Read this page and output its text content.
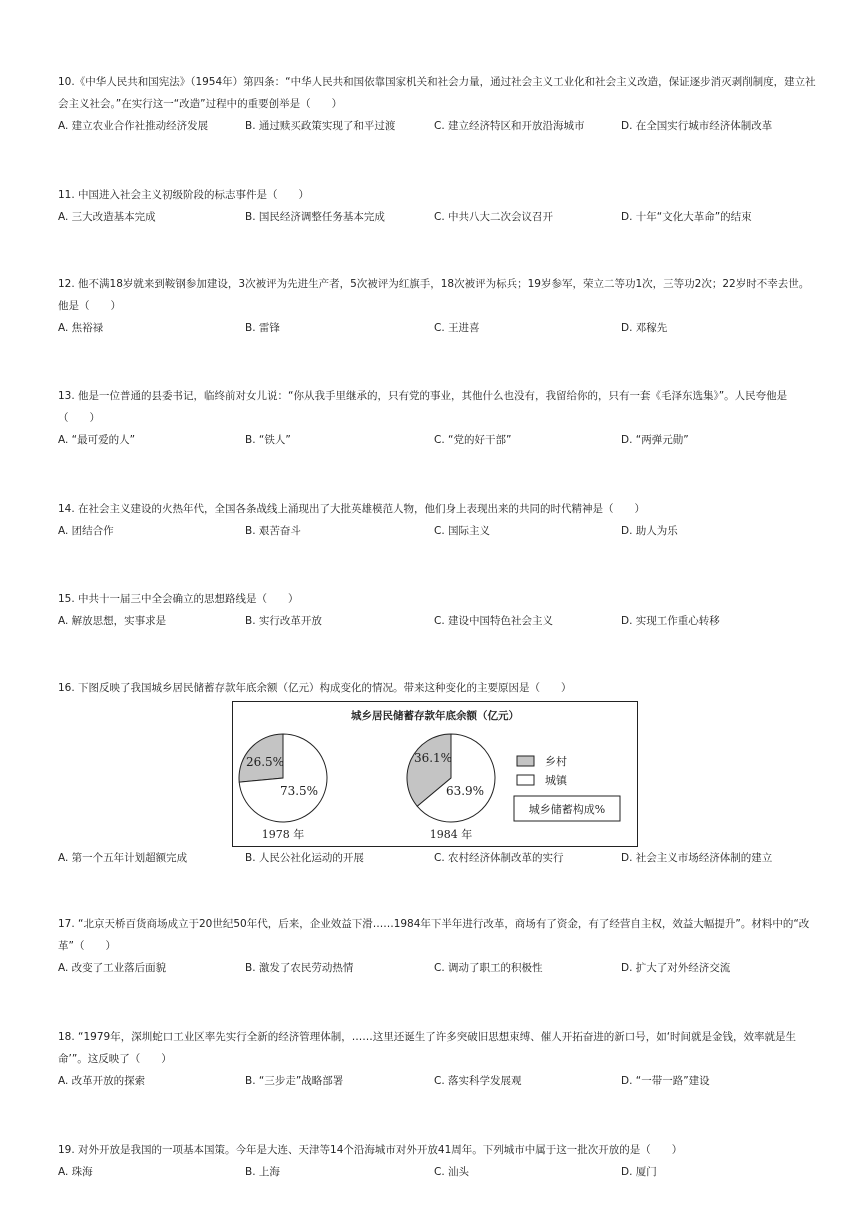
10.《中华人民共和国宪法》（1954年）第四条：“中华人民共和国依靠国家机关和社会力量，通过社会主义工业化和社会主义改造，保证逐步消灭剥削制度，建立社会主义社会。”在实行这一“改造”过程中的重要创举是（　　）
A. 建立农业合作社推动经济发展	B. 通过赎买政策实现了和平过渡	C. 建立经济特区和开放沿海城市	D. 在全国实行城市经济体制改革
11. 中国进入社会主义初级阶段的标志事件是（　　）
A. 三大改造基本完成	B. 国民经济调整任务基本完成	C. 中共八大二次会议召开	D. 十年“文化大革命”的结束
12. 他不满18岁就来到鞍钢参加建设，3次被评为先进生产者，5次被评为红旗手，18次被评为标兵；19岁参军，荣立二等功1次，三等功2次；22岁时不幸去世。他是（　　）
A. 焦裕禄	B. 雷锋	C. 王进喜	D. 邓稼先
13. 他是一位普通的县委书记，临终前对女儿说：“你从我手里继承的，只有党的事业，其他什么也没有，我留给你的，只有一套《毛泽东选集》”。人民夸他是（　　）
A. “最可爱的人”	B. “铁人”	C. “党的好干部”	D. “两弹元勋”
14. 在社会主义建设的火热年代，全国各条战线上涌现出了大批英雄模范人物，他们身上表现出来的共同的时代精神是（　　）
A. 团结合作	B. 艰苦奋斗	C. 国际主义	D. 助人为乐
15. 中共十一届三中全会确立的思想路线是（　　）
A. 解放思想，实事求是	B. 实行改革开放	C. 建设中国特色社会主义	D. 实现工作重心转移
16. 下图反映了我国城乡居民储蓄存款年底余额（亿元）构成变化的情况。带来这种变化的主要原因是（　　）
城乡居民储蓄存款年底余额（亿元）
26.5%
73.5%
1978 年
36.1%
63.9%
1984 年
乡村
城镇
城乡储蓄构成%
A. 第一个五年计划超额完成	B. 人民公社化运动的开展	C. 农村经济体制改革的实行	D. 社会主义市场经济体制的建立
17. “北京天桥百货商场成立于20世纪50年代，后来，企业效益下滑……1984年下半年进行改革，商场有了资金，有了经营自主权，效益大幅提升”。材料中的“改革”（　　）
A. 改变了工业落后面貌	B. 激发了农民劳动热情	C. 调动了职工的积极性	D. 扩大了对外经济交流
18. “1979年，深圳蛇口工业区率先实行全新的经济管理体制，……这里还诞生了许多突破旧思想束缚、催人开拓奋进的新口号，如‘时间就是金钱，效率就是生命’”。这反映了（　　）
A. 改革开放的探索	B. “三步走”战略部署	C. 落实科学发展观	D. “一带一路”建设
19. 对外开放是我国的一项基本国策。今年是大连、天津等14个沿海城市对外开放41周年。下列城市中属于这一批次开放的是（　　）
A. 珠海	B. 上海	C. 汕头	D. 厦门
